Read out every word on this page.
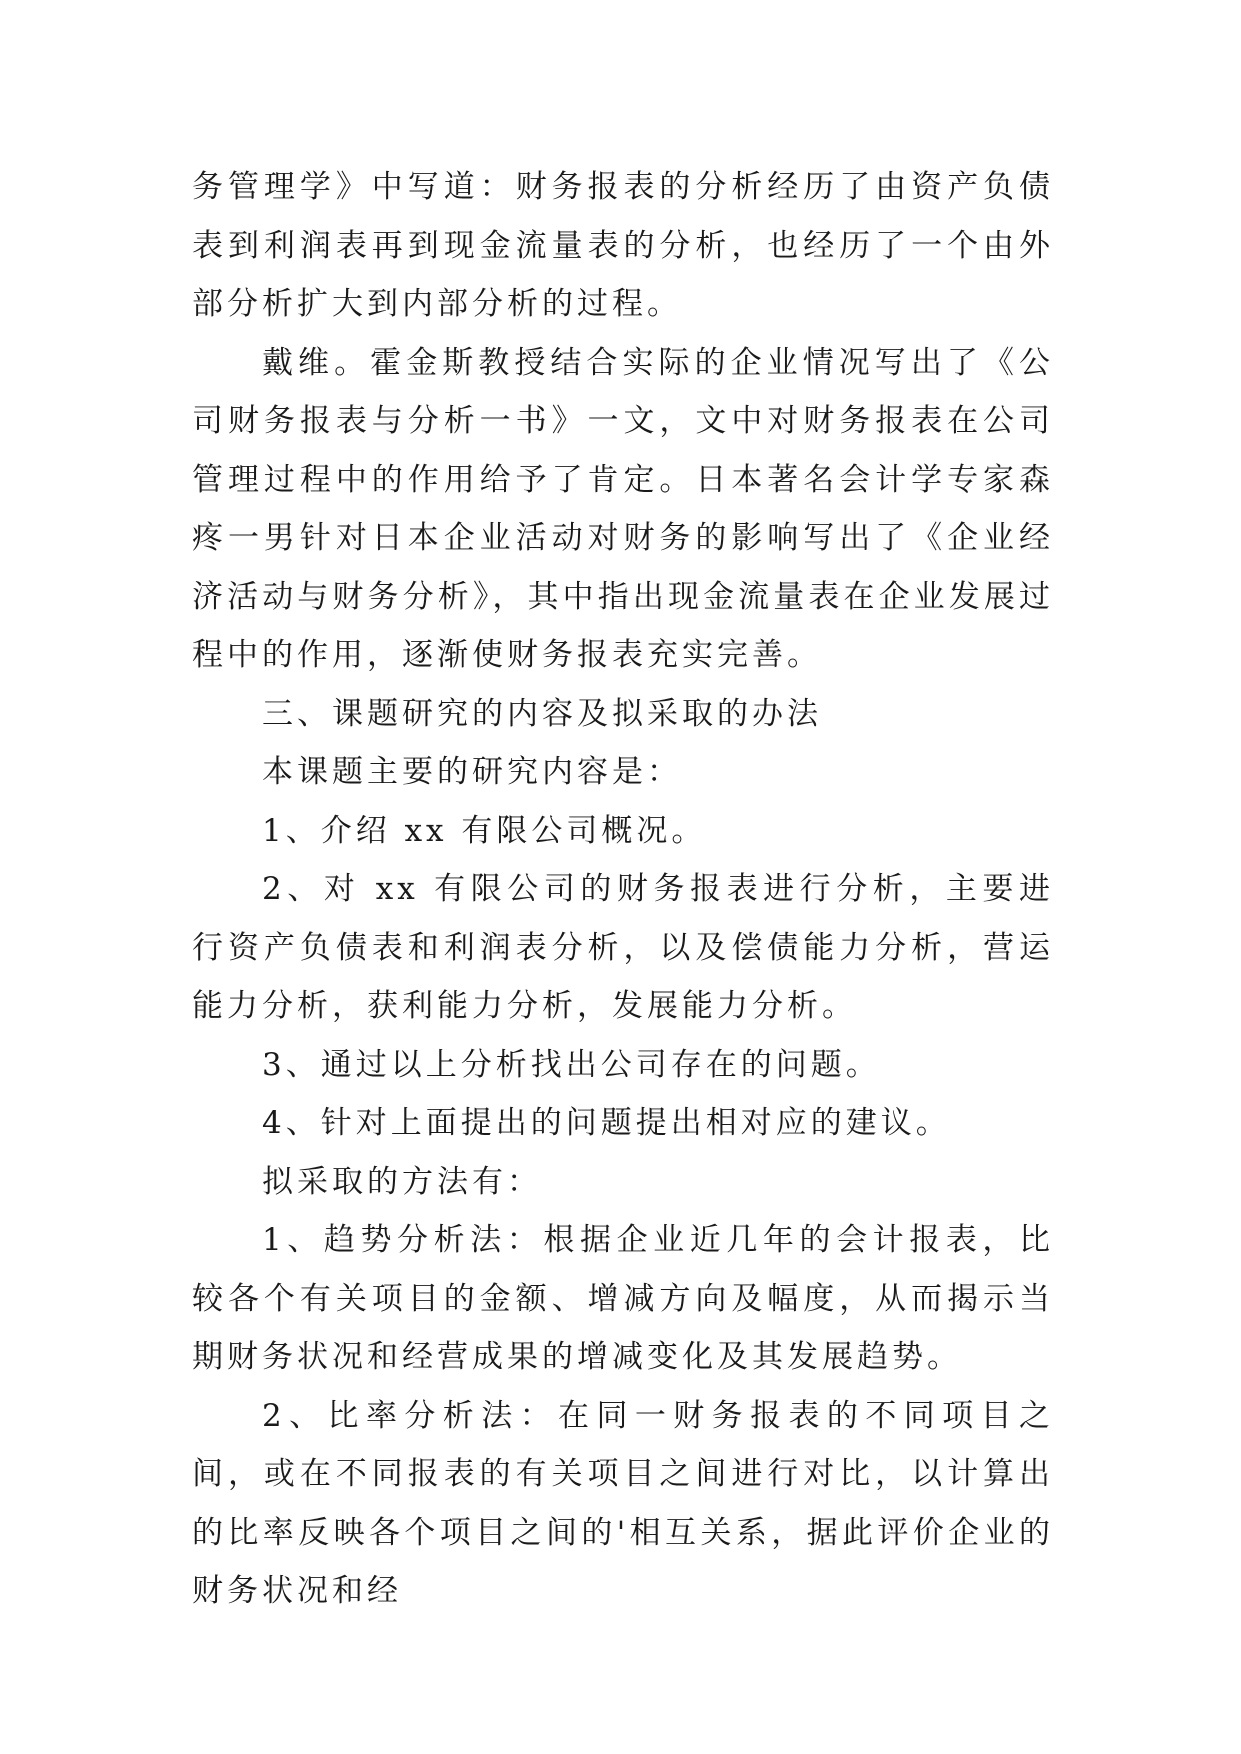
务管理学》中写道：财务报表的分析经历了由资产负债表到利润表再到现金流量表的分析，也经历了一个由外部分析扩大到内部分析的过程。

戴维。霍金斯教授结合实际的企业情况写出了《公司财务报表与分析一书》一文，文中对财务报表在公司管理过程中的作用给予了肯定。日本著名会计学专家森疼一男针对日本企业活动对财务的影响写出了《企业经济活动与财务分析》，其中指出现金流量表在企业发展过程中的作用，逐渐使财务报表充实完善。

三、课题研究的内容及拟采取的办法

本课题主要的研究内容是：

1、介绍 xx 有限公司概况。

2、对 xx 有限公司的财务报表进行分析，主要进行资产负债表和利润表分析，以及偿债能力分析，营运能力分析，获利能力分析，发展能力分析。

3、通过以上分析找出公司存在的问题。

4、针对上面提出的问题提出相对应的建议。

拟采取的方法有：

1、趋势分析法：根据企业近几年的会计报表，比较各个有关项目的金额、增减方向及幅度，从而揭示当期财务状况和经营成果的增减变化及其发展趋势。

2、比率分析法：在同一财务报表的不同项目之间，或在不同报表的有关项目之间进行对比，以计算出的比率反映各个项目之间的'相互关系，据此评价企业的财务状况和经
